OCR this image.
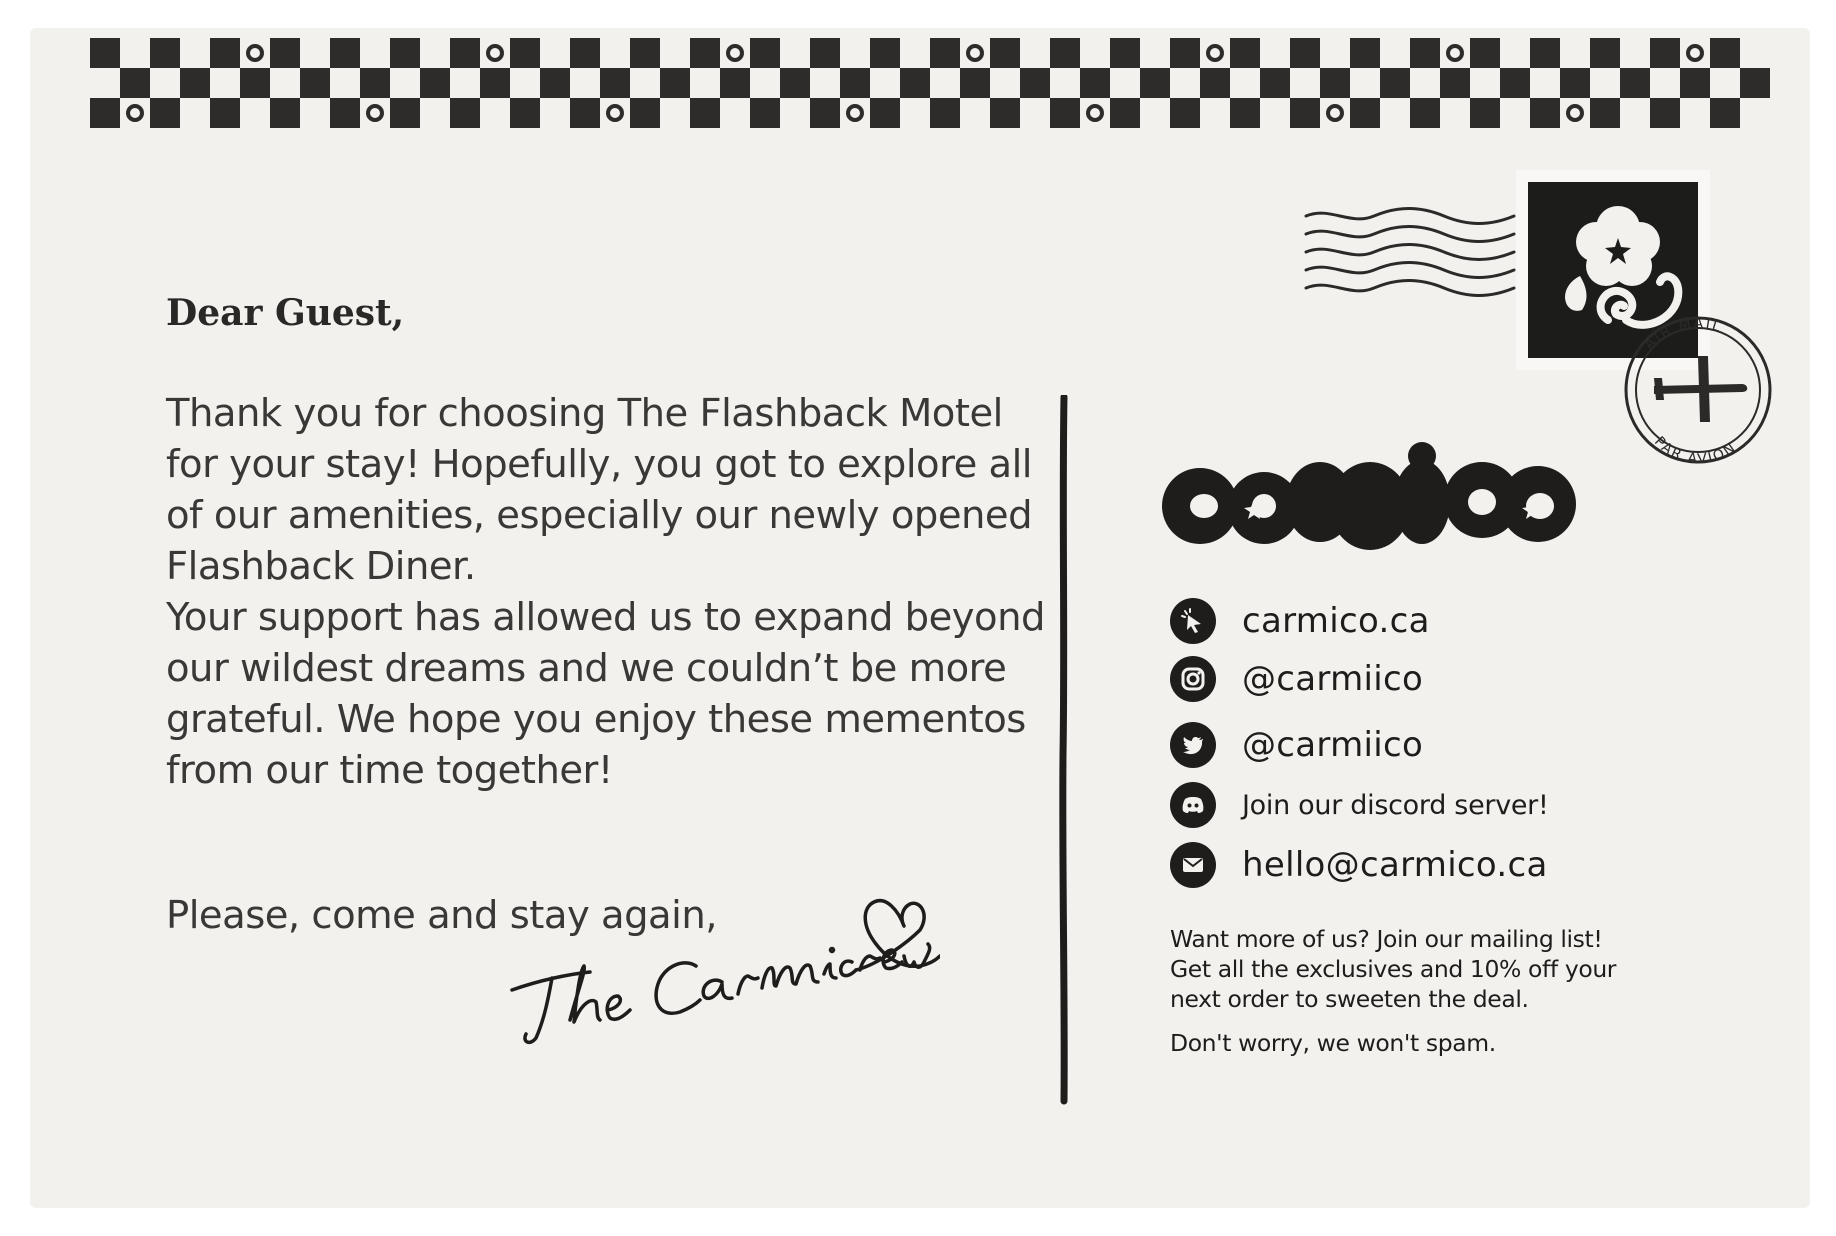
Dear Guest,

Thank you for choosing The Flashback Motel for your stay! Hopefully, you got to explore all of our amenities, especially our newly opened Flashback Diner.

Your support has allowed us to expand beyond our wildest dreams and we couldn’t be more grateful. We hope you enjoy these mementos from our time together!

Please, come and stay again,

AIR MAIL
PAR AVION
carmico
carmico.ca
@carmiico
@carmiico
Join our discord server!
hello@carmico.ca

Want more of us? Join our mailing list!

Get all the exclusives and 10% off your

next order to sweeten the deal.

Don't worry, we won't spam.
